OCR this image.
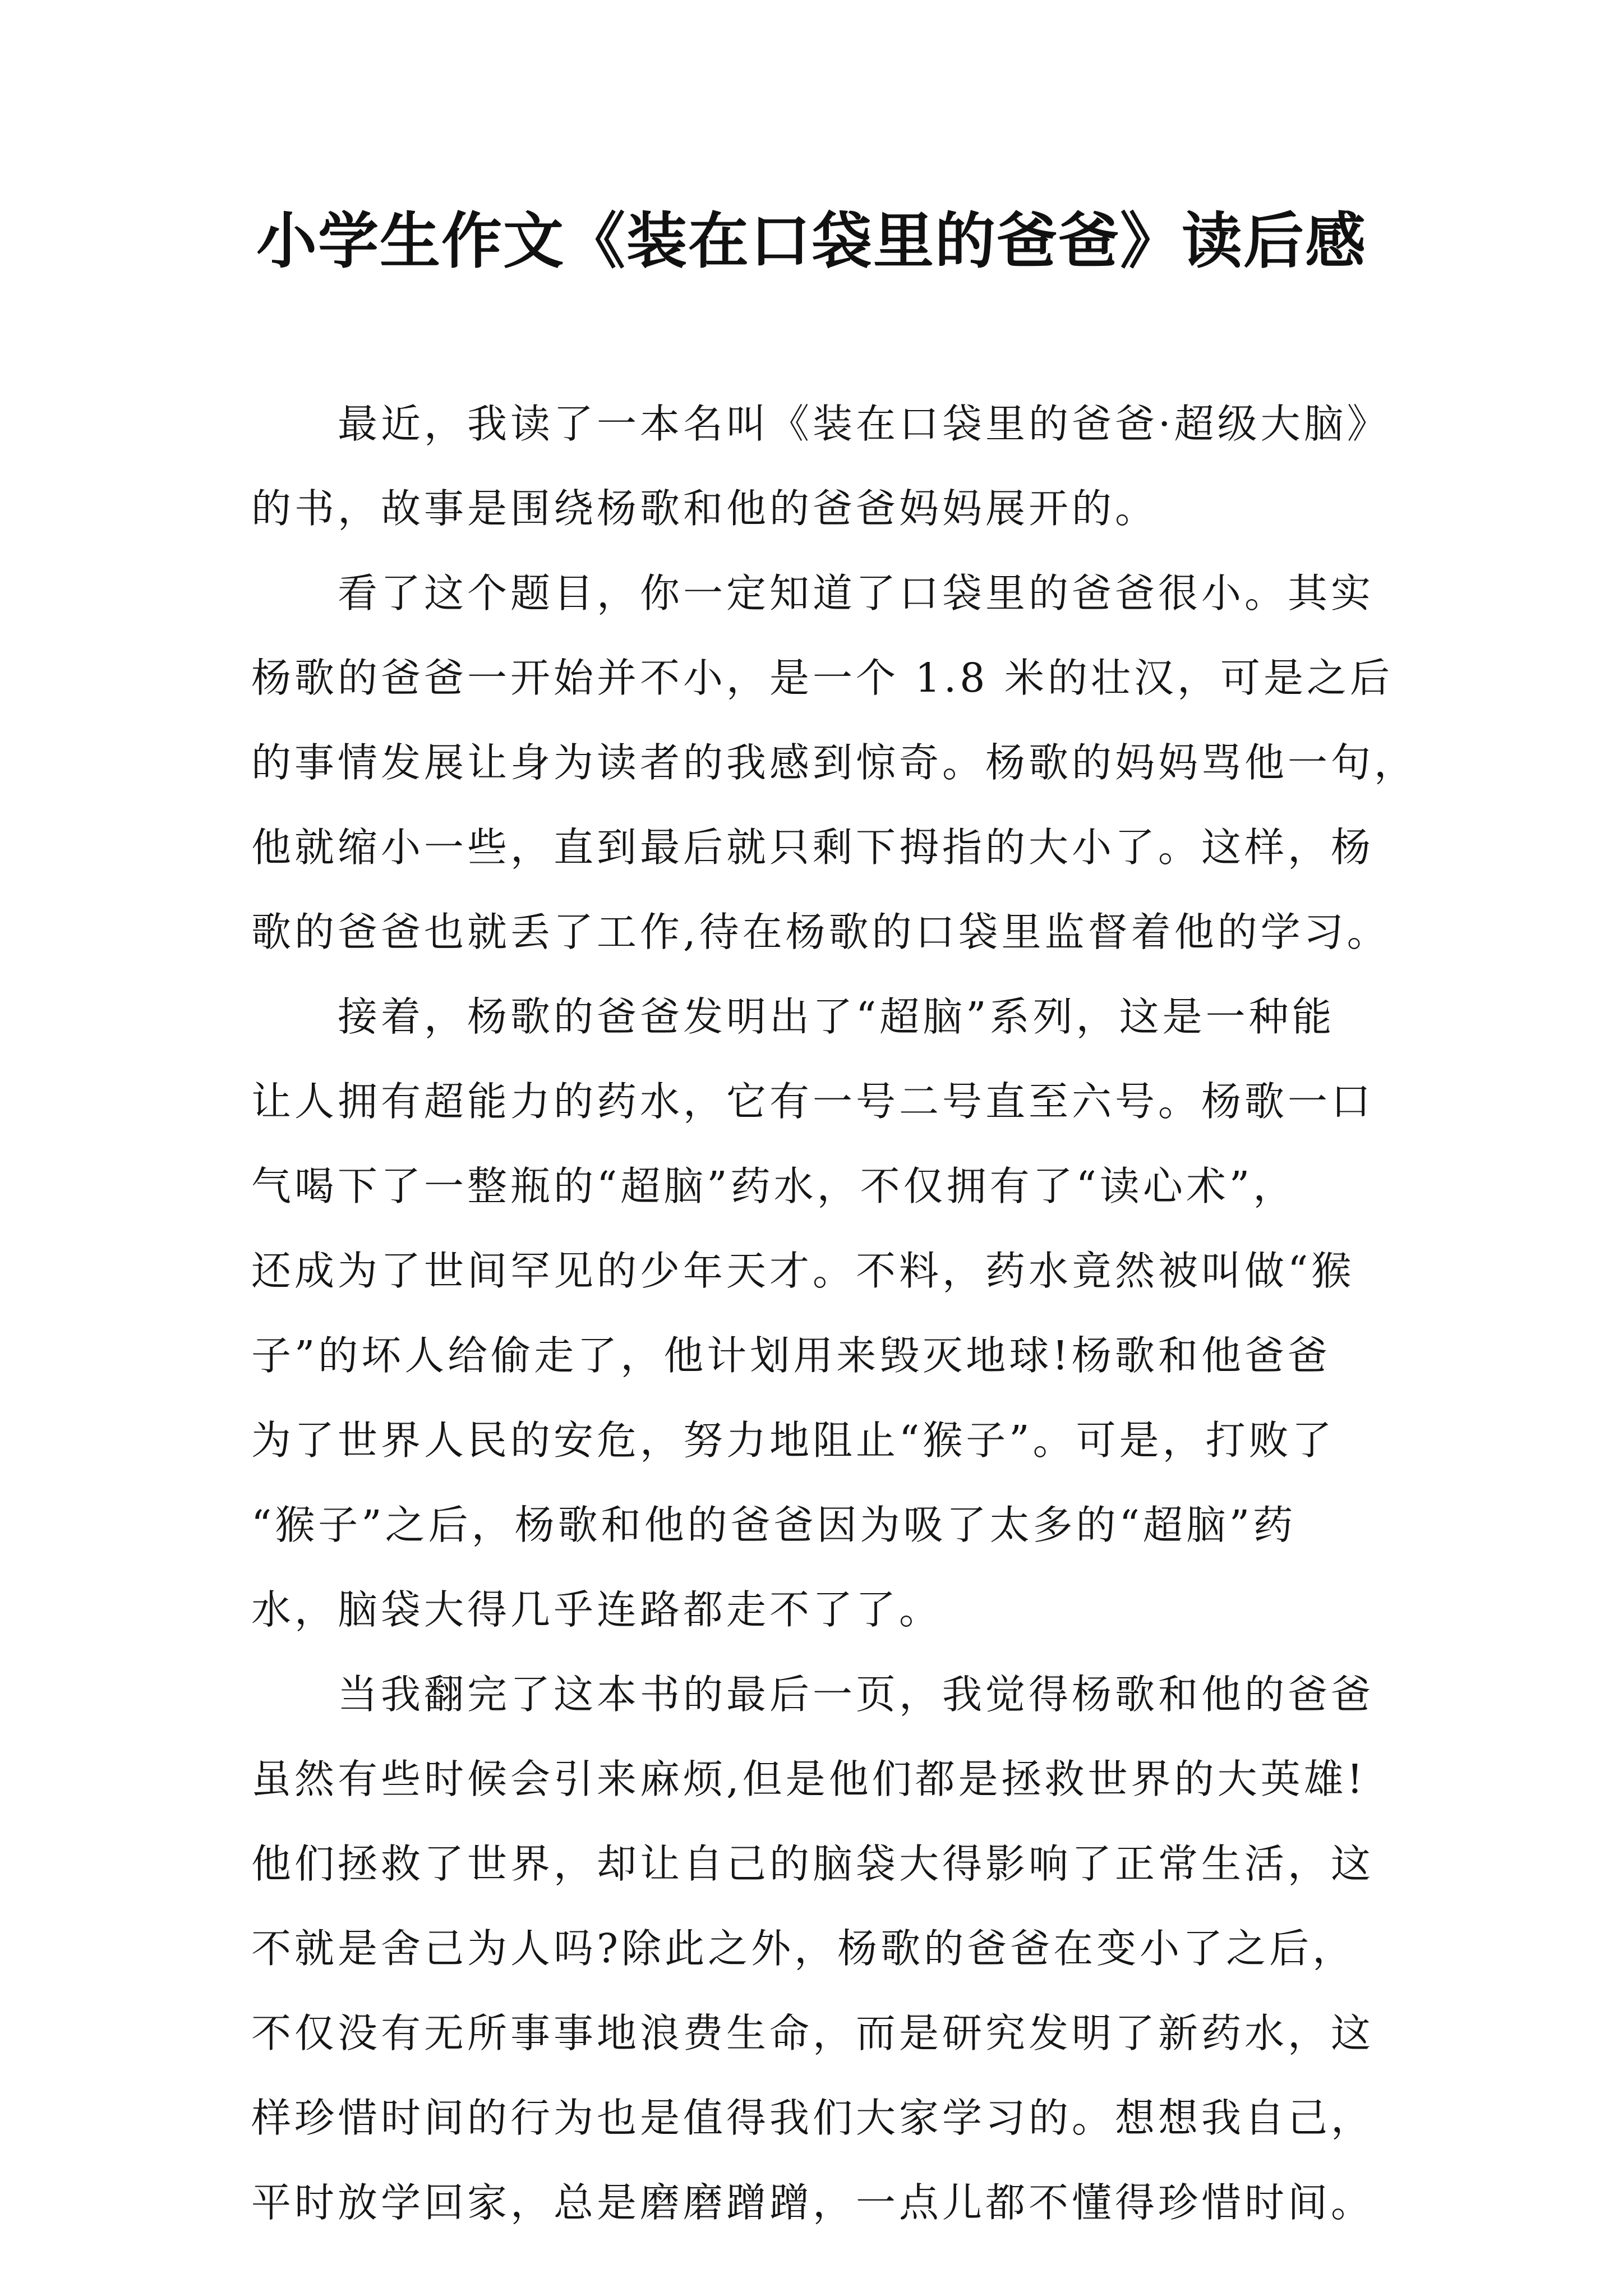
小学生作文《装在口袋里的爸爸》读后感

最近，我读了一本名叫《装在口袋里的爸爸·超级大脑》
的书，故事是围绕杨歌和他的爸爸妈妈展开的。

看了这个题目，你一定知道了口袋里的爸爸很小。其实
杨歌的爸爸一开始并不小，是一个 1.8 米的壮汉，可是之后
的事情发展让身为读者的我感到惊奇。杨歌的妈妈骂他一句，
他就缩小一些，直到最后就只剩下拇指的大小了。这样，杨
歌的爸爸也就丢了工作,待在杨歌的口袋里监督着他的学习。

接着，杨歌的爸爸发明出了“超脑”系列，这是一种能
让人拥有超能力的药水，它有一号二号直至六号。杨歌一口
气喝下了一整瓶的“超脑”药水，不仅拥有了“读心术”，
还成为了世间罕见的少年天才。不料，药水竟然被叫做“猴
子”的坏人给偷走了，他计划用来毁灭地球!杨歌和他爸爸
为了世界人民的安危，努力地阻止“猴子”。可是，打败了
“猴子”之后，杨歌和他的爸爸因为吸了太多的“超脑”药
水，脑袋大得几乎连路都走不了了。

当我翻完了这本书的最后一页，我觉得杨歌和他的爸爸
虽然有些时候会引来麻烦,但是他们都是拯救世界的大英雄!
他们拯救了世界，却让自己的脑袋大得影响了正常生活，这
不就是舍己为人吗?除此之外，杨歌的爸爸在变小了之后，
不仅没有无所事事地浪费生命，而是研究发明了新药水，这
样珍惜时间的行为也是值得我们大家学习的。想想我自己，
平时放学回家，总是磨磨蹭蹭，一点儿都不懂得珍惜时间。
